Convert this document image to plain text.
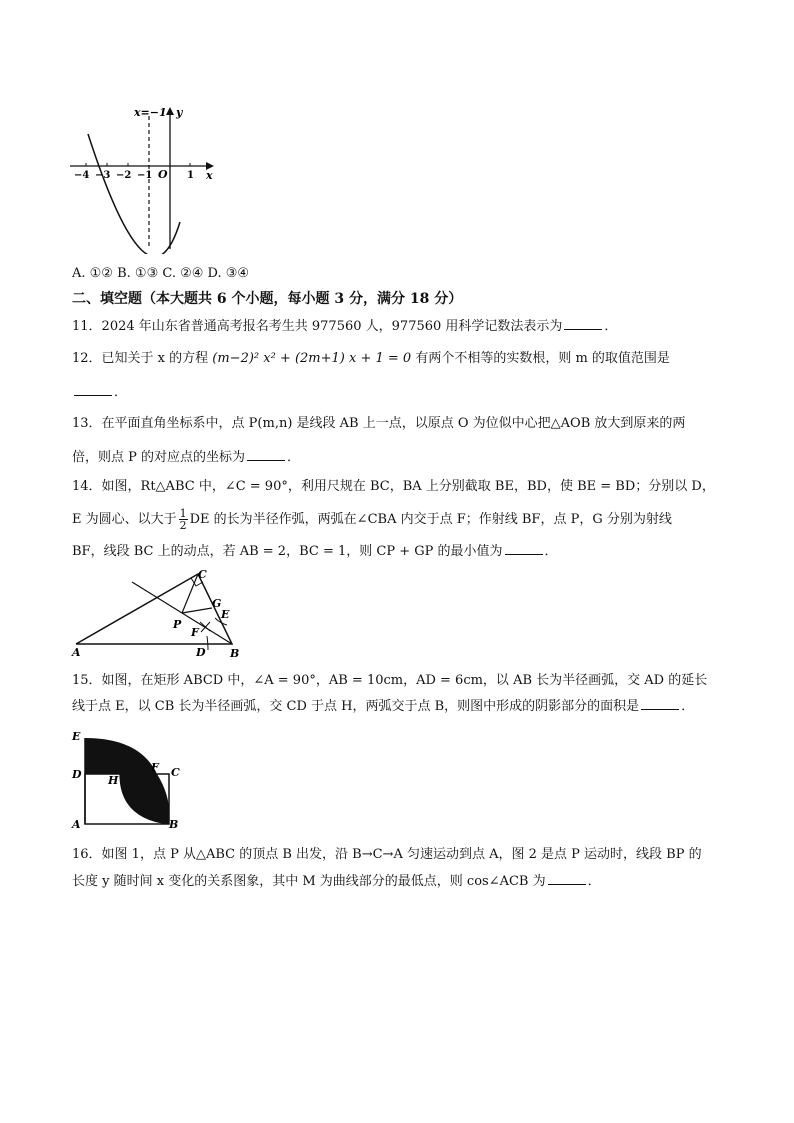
x=−1 y
x
O
−4 −3 −2 −1	1
A. ①② B. ①③ C. ②④ D. ③④
二、填空题（本大题共 6 个小题，每小题 3 分，满分 18 分）
11．2024 年山东省普通高考报名考生共 977560 人，977560 用科学记数法表示为	．
12．已知关于 x 的方程 (m−2)² x² + (2m+1) x + 1 = 0 有两个不相等的实数根，则 m 的取值范围是
．
13．在平面直角坐标系中，点 P(m,n) 是线段 AB 上一点，以原点 O 为位似中心把△AOB 放大到原来的两
倍，则点 P 的对应点的坐标为	．
14．如图，Rt△ABC 中，∠C = 90°，利用尺规在 BC，BA 上分别截取 BE，BD，使 BE = BD；分别以 D，
E 为圆心、以大于 $\frac{1}{2}$ DE 的长为半径作弧，两弧在∠CBA 内交于点 F；作射线 BF，点 P，G 分别为射线
BF，线段 BC 上的动点，若 AB = 2，BC = 1，则 CP + GP 的最小值为	．
A	B
C
D
E
F
G
P
15．如图，在矩形 ABCD 中，∠A = 90°，AB = 10cm，AD = 6cm，以 AB 长为半径画弧，交 AD 的延长
线于点 E，以 CB 长为半径画弧，交 CD 于点 H，两弧交于点 B，则图中形成的阴影部分的面积是	．
E
D
A	B
C
F
H
16．如图 1，点 P 从△ABC 的顶点 B 出发，沿 B→C→A 匀速运动到点 A，图 2 是点 P 运动时，线段 BP 的
长度 y 随时间 x 变化的关系图象，其中 M 为曲线部分的最低点，则 cos∠ACB 为	．
